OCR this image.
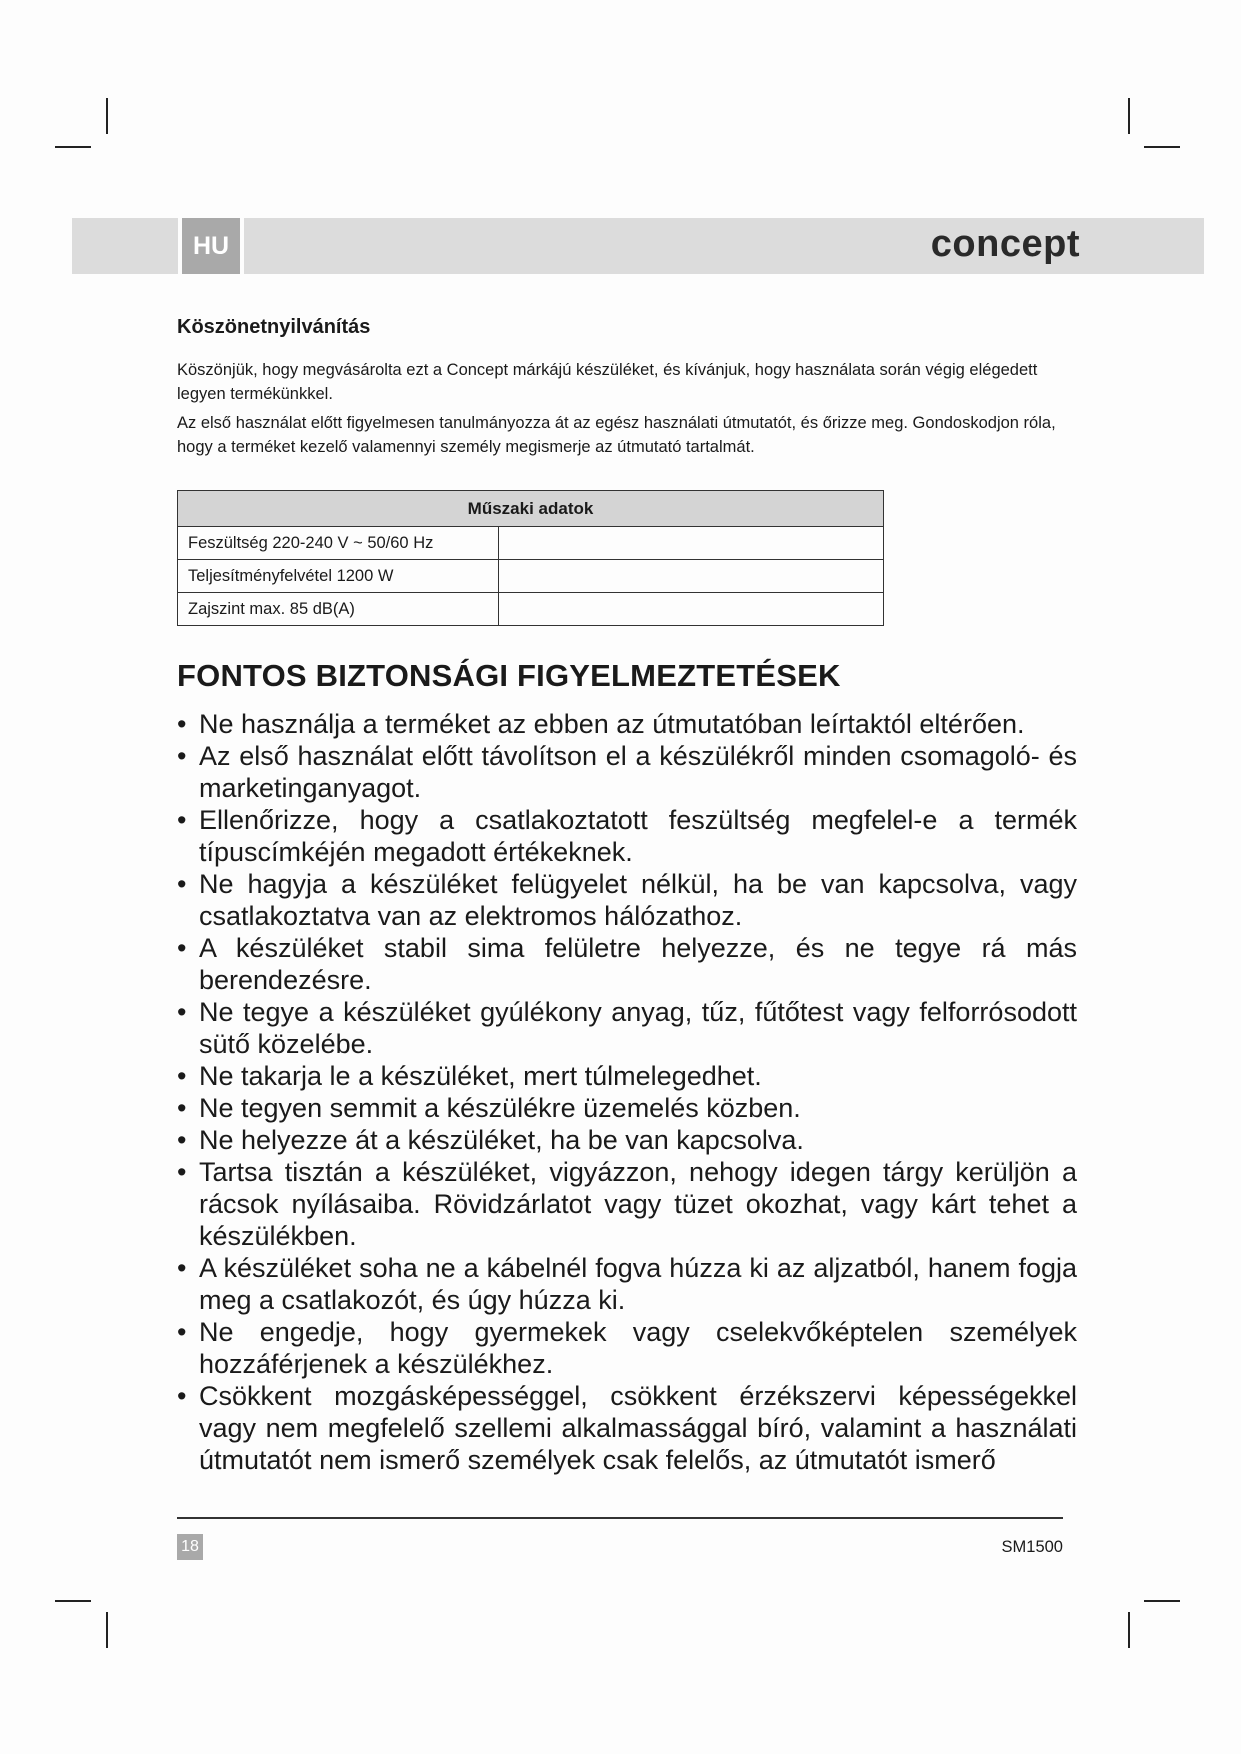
HU	concept
Köszönetnyilvánítás

Köszönjük, hogy megvásárolta ezt a Concept márkájú készüléket, és kívánjuk, hogy használata során végig elégedett legyen termékünkkel.

Az első használat előtt figyelmesen tanulmányozza át az egész használati útmutatót, és őrizze meg. Gondoskodjon róla, hogy a terméket kezelő valamennyi személy megismerje az útmutató tartalmát.

Műszaki adatok	
Feszültség 220-240 V ~ 50/60 Hz	
Teljesítményfelvétel 1200 W	
Zajszint max. 85 dB(A)	
FONTOS BIZTONSÁGI FIGYELMEZTETÉSEK
• Ne használja a terméket az ebben az útmutatóban leírtaktól eltérően.
• Az első használat előtt távolítson el a készülékről minden csomagoló- és marketinganyagot.
• Ellenőrizze, hogy a csatlakoztatott feszültség megfelel-e a termék típuscímkéjén megadott értékeknek.
• Ne hagyja a készüléket felügyelet nélkül, ha be van kapcsolva, vagy csatlakoztatva van az elektromos hálózathoz.
• A készüléket stabil sima felületre helyezze, és ne tegye rá más berendezésre.
• Ne tegye a készüléket gyúlékony anyag, tűz, fűtőtest vagy felforrósodott sütő közelébe.
• Ne takarja le a készüléket, mert túlmelegedhet.
• Ne tegyen semmit a készülékre üzemelés közben.
• Ne helyezze át a készüléket, ha be van kapcsolva.
• Tartsa tisztán a készüléket, vigyázzon, nehogy idegen tárgy kerüljön a rácsok nyílásaiba. Rövidzárlatot vagy tüzet okozhat, vagy kárt tehet a készülékben.
• A készüléket soha ne a kábelnél fogva húzza ki az aljzatból, hanem fogja meg a csatlakozót, és úgy húzza ki.
• Ne engedje, hogy gyermekek vagy cselekvőképtelen személyek hozzáférjenek a készülékhez.
• Csökkent mozgásképességgel, csökkent érzékszervi képességekkel vagy nem megfelelő szellemi alkalmassággal bíró, valamint a használati útmutatót nem ismerő személyek csak felelős, az útmutatót ismerő
18	SM1500
